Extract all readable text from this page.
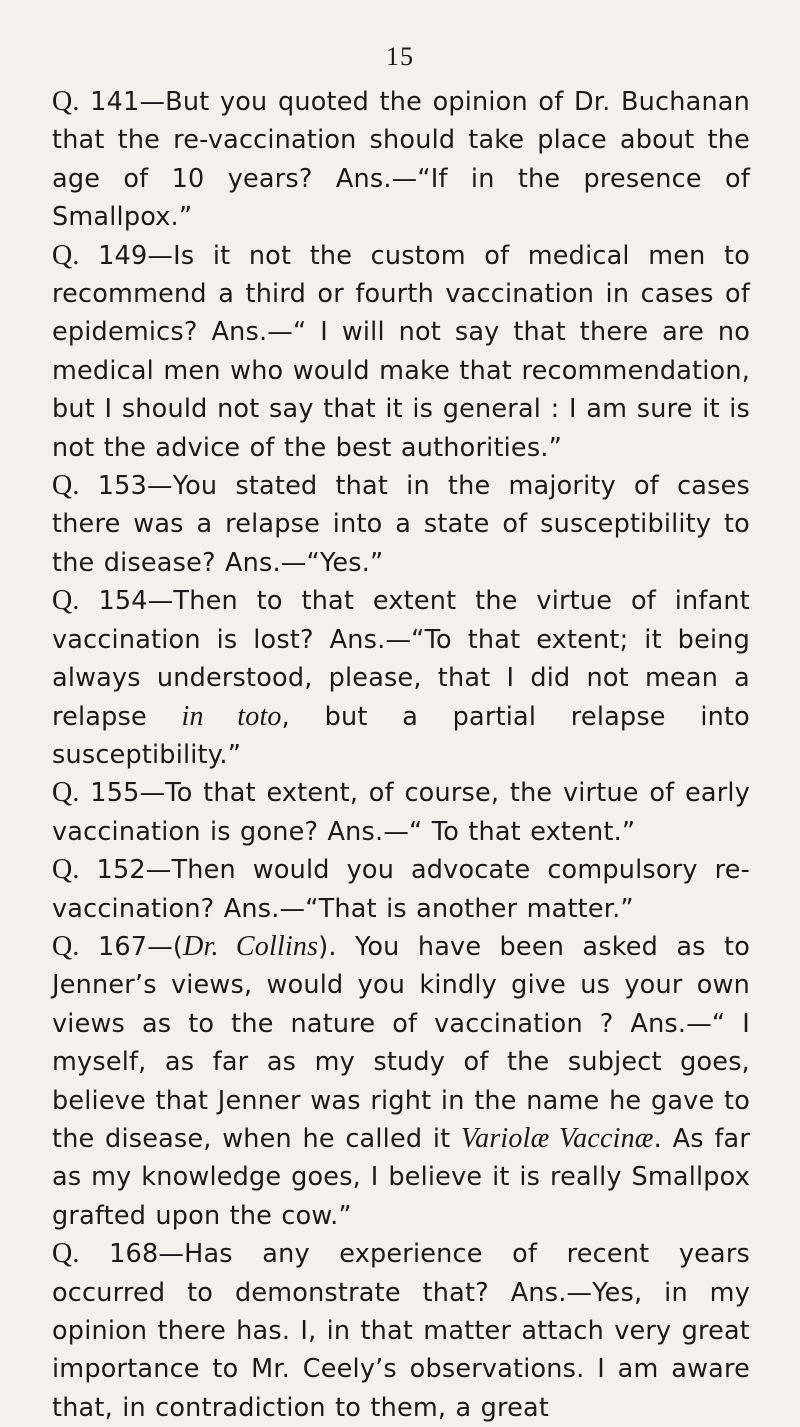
15

Q. 141—But you quoted the opinion of Dr. Buchanan that the re-vaccination should take place about the age of 10 years? Ans.—“If in the presence of Smallpox.”

Q. 149—Is it not the custom of medical men to recommend a third or fourth vaccination in cases of epidemics? Ans.—“ I will not say that there are no medical men who would make that recommendation, but I should not say that it is general : I am sure it is not the advice of the best authorities.”

Q. 153—You stated that in the majority of cases there was a relapse into a state of susceptibility to the disease? Ans.—“Yes.”

Q. 154—Then to that extent the virtue of infant vaccination is lost? Ans.—“To that extent; it being always understood, please, that I did not mean a relapse in toto, but a partial relapse into susceptibility.”

Q. 155—To that extent, of course, the virtue of early vaccination is gone? Ans.—“ To that extent.”

Q. 152—Then would you advocate compulsory re-vaccination? Ans.—“That is another matter.”

Q. 167—(Dr. Collins). You have been asked as to Jenner’s views, would you kindly give us your own views as to the nature of vaccination ? Ans.—“ I myself, as far as my study of the subject goes, believe that Jenner was right in the name he gave to the disease, when he called it Variolæ Vaccinæ. As far as my knowledge goes, I believe it is really Smallpox grafted upon the cow.”

Q. 168—Has any experience of recent years occurred to demonstrate that? Ans.—Yes, in my opinion there has. I, in that matter attach very great importance to Mr. Ceely’s observations. I am aware that, in contradiction to them, a great
